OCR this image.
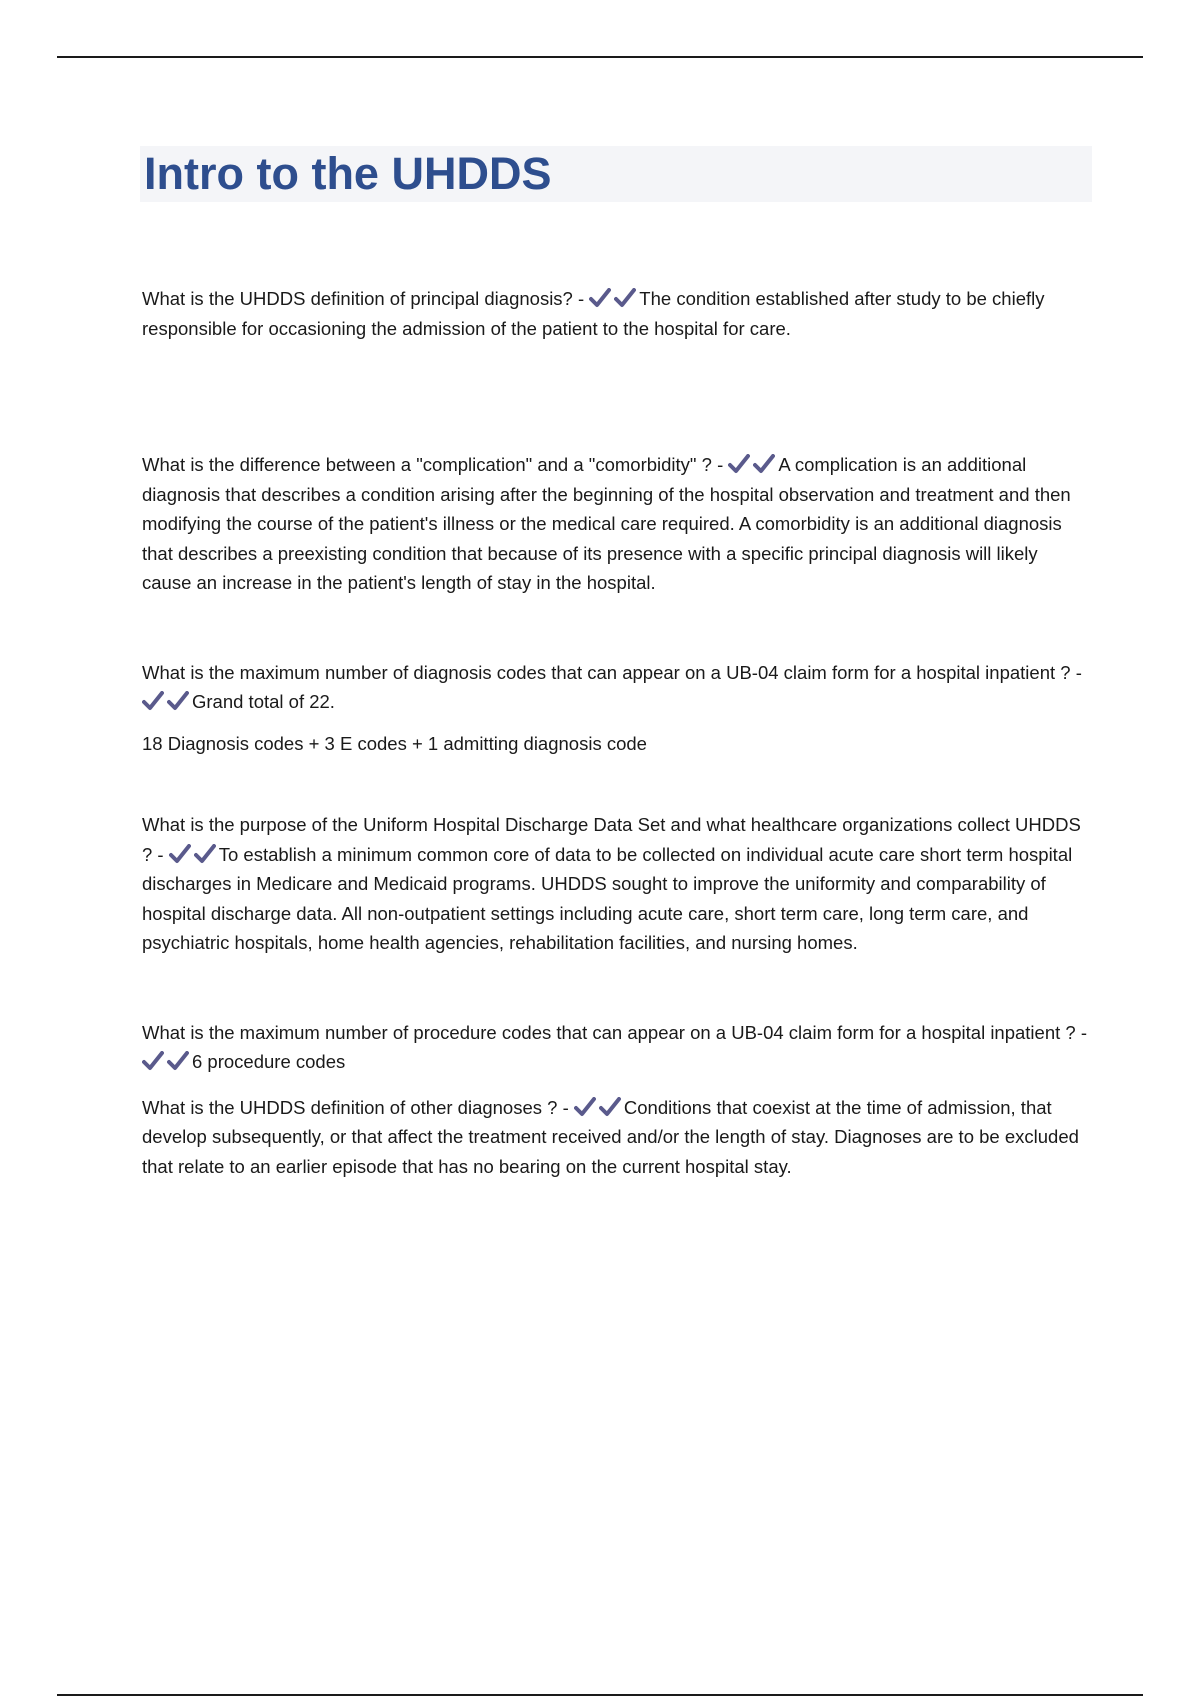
Intro to the UHDDS

What is the UHDDS definition of principal diagnosis? -	The condition established after study to be chiefly responsible for occasioning the admission of the patient to the hospital for care.

What is the difference between a "complication" and a "comorbidity" ? -	A complication is an additional diagnosis that describes a condition arising after the beginning of the hospital observation and treatment and then modifying the course of the patient's illness or the medical care required. A comorbidity is an additional diagnosis that describes a preexisting condition that because of its presence with a specific principal diagnosis will likely cause an increase in the patient's length of stay in the hospital.

What is the maximum number of diagnosis codes that can appear on a UB-04 claim form for a hospital inpatient ? -
Grand total of 22.

18 Diagnosis codes + 3 E codes + 1 admitting diagnosis code

What is the purpose of the Uniform Hospital Discharge Data Set and what healthcare organizations collect UHDDS ? -	To establish a minimum common core of data to be collected on individual acute care short term hospital discharges in Medicare and Medicaid programs. UHDDS sought to improve the uniformity and comparability of hospital discharge data. All non-outpatient settings including acute care, short term care, long term care, and psychiatric hospitals, home health agencies, rehabilitation facilities, and nursing homes.

What is the maximum number of procedure codes that can appear on a UB-04 claim form for a hospital inpatient ? -
6 procedure codes

What is the UHDDS definition of other diagnoses ? -	Conditions that coexist at the time of admission, that develop subsequently, or that affect the treatment received and/or the length of stay. Diagnoses are to be excluded that relate to an earlier episode that has no bearing on the current hospital stay.
